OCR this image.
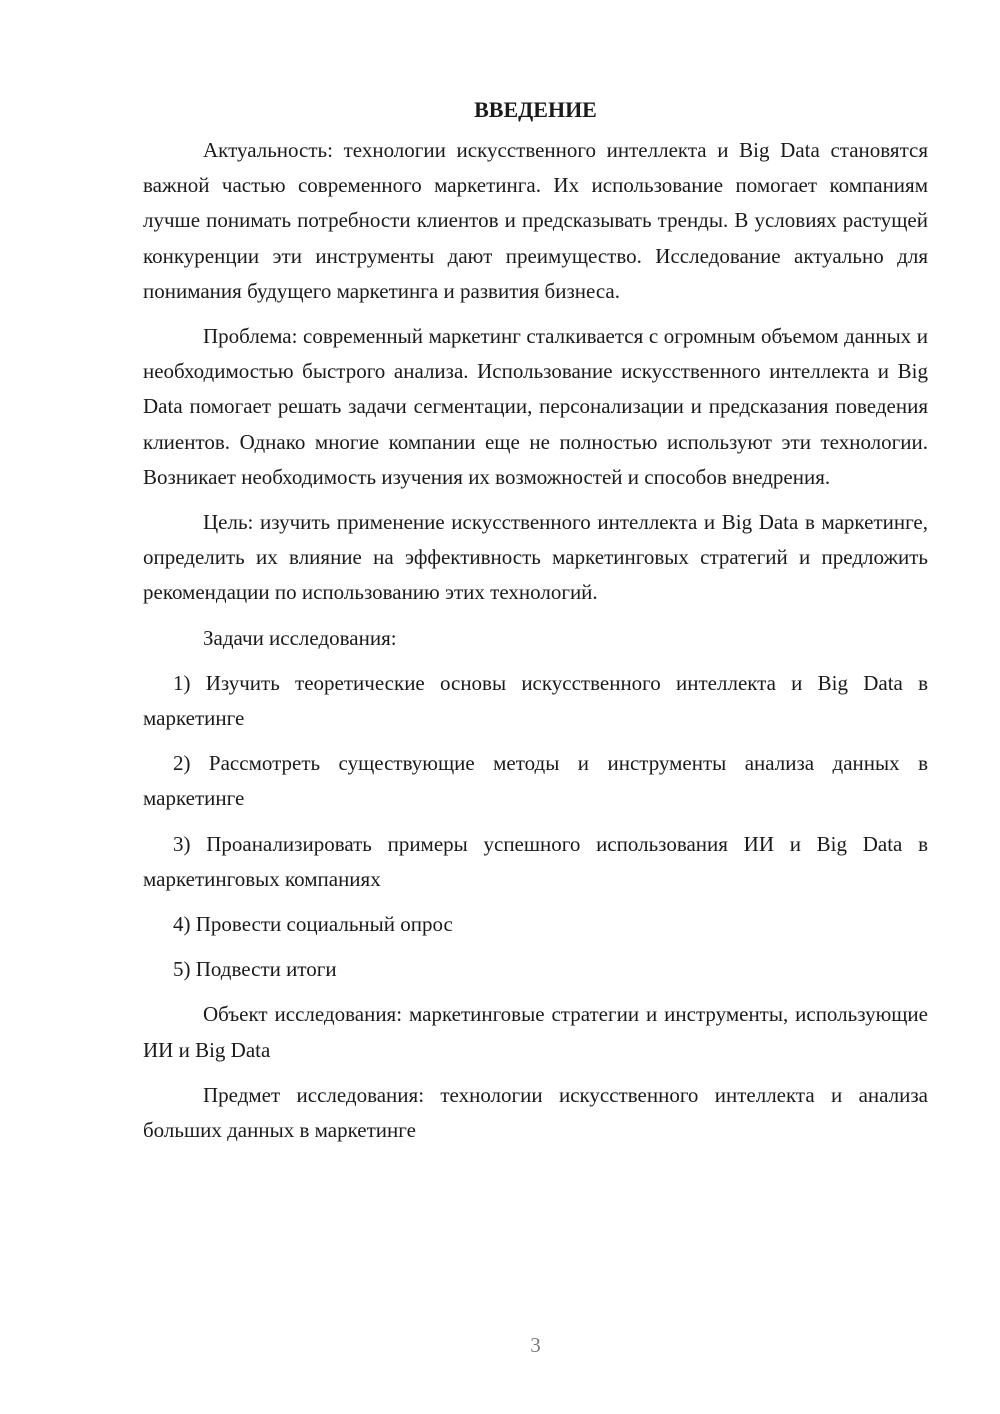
ВВЕДЕНИЕ

Актуальность: технологии искусственного интеллекта и Big Data становятся важной частью современного маркетинга. Их использование помогает компаниям лучше понимать потребности клиентов и предсказывать тренды. В условиях растущей конкуренции эти инструменты дают преимущество. Исследование актуально для понимания будущего маркетинга и развития бизнеса.

Проблема: современный маркетинг сталкивается с огромным объемом данных и необходимостью быстрого анализа. Использование искусственного интеллекта и Big Data помогает решать задачи сегментации, персонализации и предсказания поведения клиентов. Однако многие компании еще не полностью используют эти технологии. Возникает необходимость изучения их возможностей и способов внедрения.

Цель: изучить применение искусственного интеллекта и Big Data в маркетинге, определить их влияние на эффективность маркетинговых стратегий и предложить рекомендации по использованию этих технологий.

Задачи исследования:

1) Изучить теоретические основы искусственного интеллекта и Big Data в маркетинге

2) Рассмотреть существующие методы и инструменты анализа данных в маркетинге

3) Проанализировать примеры успешного использования ИИ и Big Data в маркетинговых компаниях

4) Провести социальный опрос

5) Подвести итоги

Объект исследования: маркетинговые стратегии и инструменты, использующие ИИ и Big Data

Предмет исследования: технологии искусственного интеллекта и анализа больших данных в маркетинге

3
